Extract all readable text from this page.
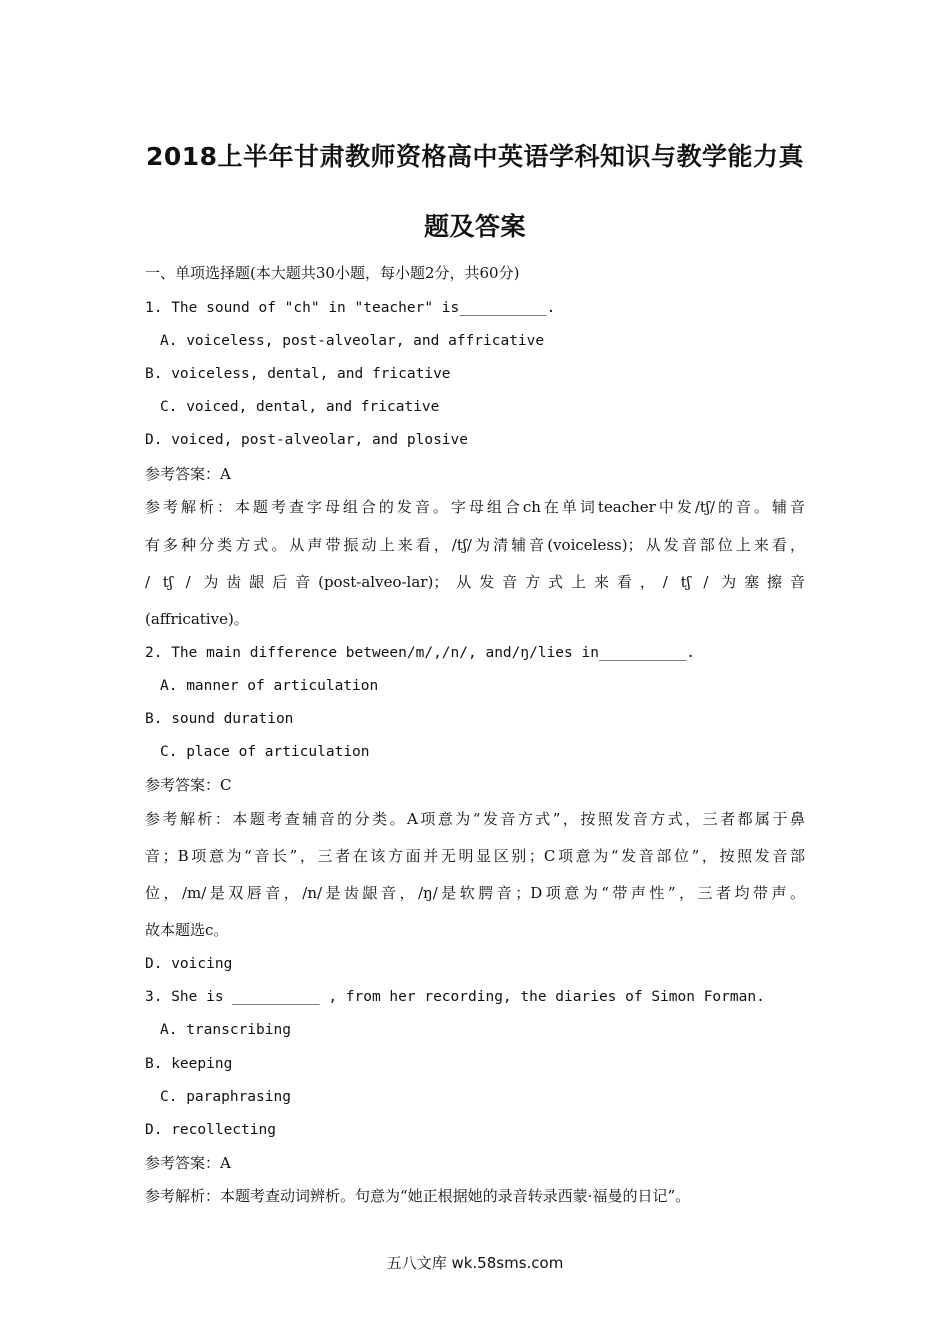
2018上半年甘肃教师资格高中英语学科知识与教学能力真
题及答案
一、单项选择题(本大题共30小题，每小题2分，共60分)
1. The sound of "ch" in "teacher" is__________.
A. voiceless, post-alveolar, and affricative
B. voiceless, dental, and fricative
C. voiced, dental, and fricative
D. voiced, post-alveolar, and plosive
参考答案：A
参考解析：本题考查字母组合的发音。字母组合ch在单词teacher中发/tʃ/的音。辅音
有多种分类方式。从声带振动上来看，/tʃ/为清辅音(voiceless)；从发音部位上来看，
/ tʃ / 为齿龈后音(post-alveo-lar)；从发音方式上来看，/ tʃ / 为塞擦音
(affricative)。
2. The main difference between/m/,/n/, and/ŋ/lies in__________.
A. manner of articulation
B. sound duration
C. place of articulation
参考答案：C
参考解析：本题考查辅音的分类。A项意为“发音方式”，按照发音方式，三者都属于鼻
音；B项意为“音长”，三者在该方面并无明显区别；C项意为“发音部位”，按照发音部
位，/m/是双唇音，/n/是齿龈音，/ŋ/是软腭音；D项意为“带声性”，三者均带声。
故本题选c。
D. voicing
3. She is __________ , from her recording, the diaries of Simon Forman.
A. transcribing
B. keeping
C. paraphrasing
D. recollecting
参考答案：A
参考解析：本题考查动词辨析。句意为“她正根据她的录音转录西蒙·福曼的日记”。
五八文库 wk.58sms.com
